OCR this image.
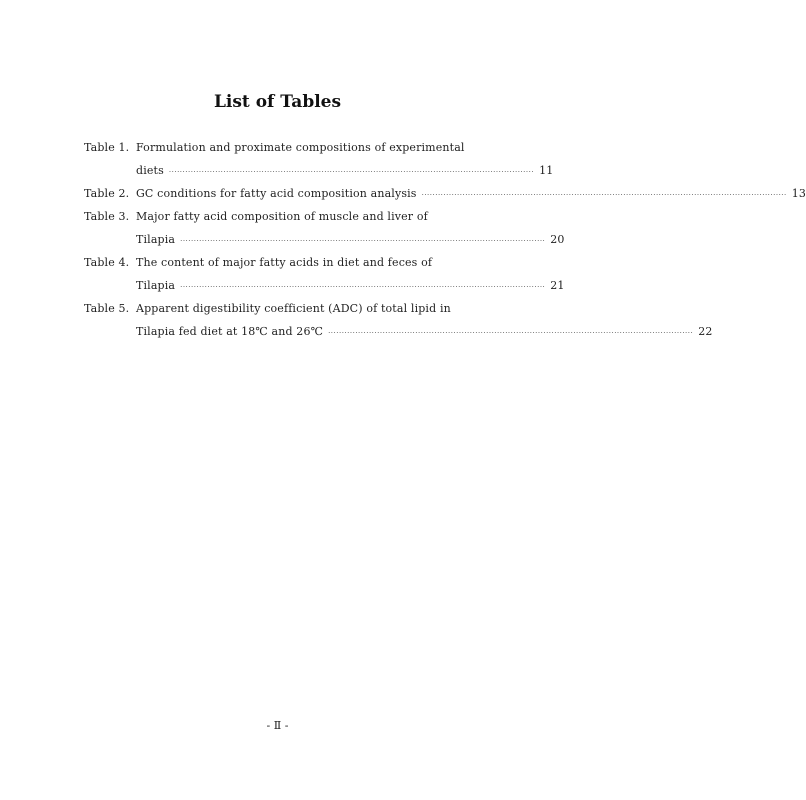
List of Tables
Table 1. Formulation and proximate compositions of experimental
diets ······································································································································ 11
Table 2. GC conditions for fatty acid composition analysis ······································································································································ 13
Table 3. Major fatty acid composition of muscle and liver of
Tilapia ······································································································································ 20
Table 4. The content of major fatty acids in diet and feces of
Tilapia ······································································································································ 21
Table 5. Apparent digestibility coefficient (ADC) of total lipid in
Tilapia fed diet at 18℃ and 26℃ ······································································································································ 22
- Ⅱ -
